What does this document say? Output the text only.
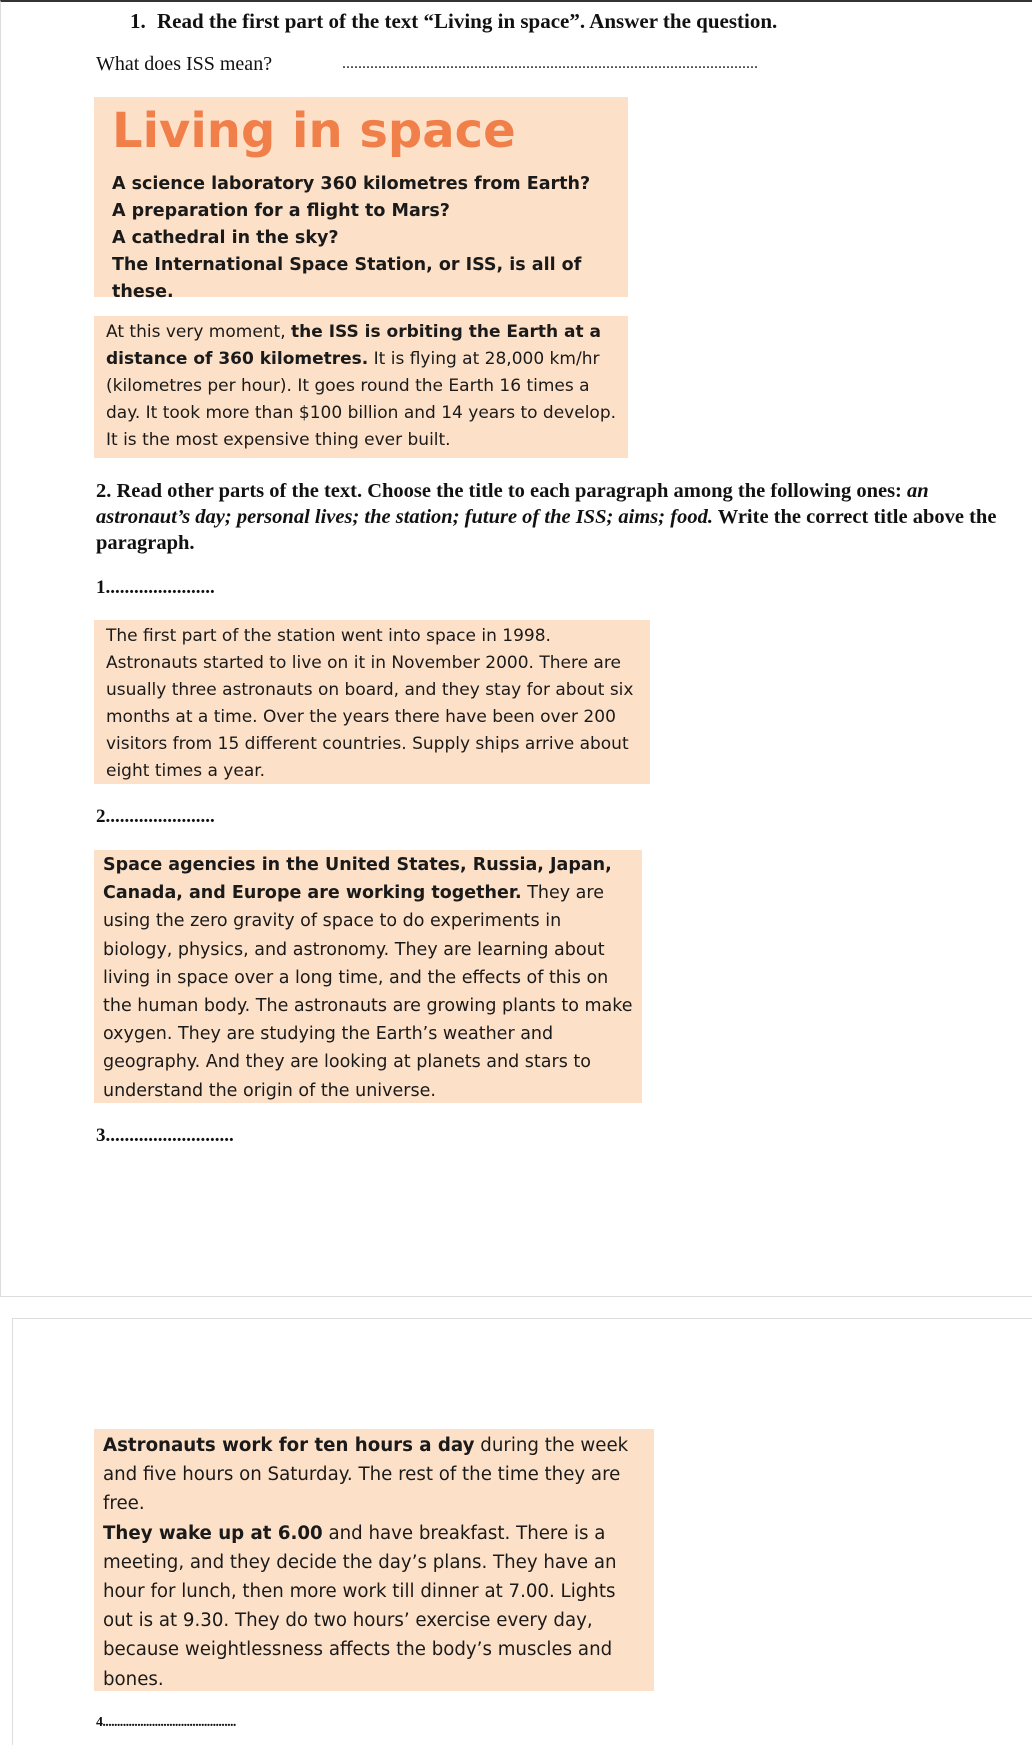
1. Read the first part of the text “Living in space”. Answer the question.
What does ISS mean?	........................................................................................................
Living in space

A science laboratory 360 kilometres from Earth?

A preparation for a flight to Mars?

A cathedral in the sky?

The International Space Station, or ISS, is all of these.

At this very moment, the ISS is orbiting the Earth at a distance of 360 kilometres. It is flying at 28,000 km/hr (kilometres per hour). It goes round the Earth 16 times a day. It took more than $100 billion and 14 years to develop. It is the most expensive thing ever built.

2. Read other parts of the text. Choose the title to each paragraph among the following ones: an astronaut’s day; personal lives; the station; future of the ISS; aims; food. Write the correct title above the paragraph.
1.......................

The first part of the station went into space in 1998. Astronauts started to live on it in November 2000. There are usually three astronauts on board, and they stay for about six months at a time. Over the years there have been over 200 visitors from 15 different countries. Supply ships arrive about eight times a year.

2.......................

Space agencies in the United States, Russia, Japan, Canada, and Europe are working together. They are using the zero gravity of space to do experiments in biology, physics, and astronomy. They are learning about living in space over a long time, and the effects of this on the human body. The astronauts are growing plants to make oxygen. They are studying the Earth’s weather and geography. And they are looking at planets and stars to understand the origin of the universe.

3...........................

Astronauts work for ten hours a day during the week and five hours on Saturday. The rest of the time they are free.
They wake up at 6.00 and have breakfast. There is a meeting, and they decide the day’s plans. They have an hour for lunch, then more work till dinner at 7.00. Lights out is at 9.30. They do two hours’ exercise every day, because weightlessness affects the body’s muscles and bones.

4..............................................
